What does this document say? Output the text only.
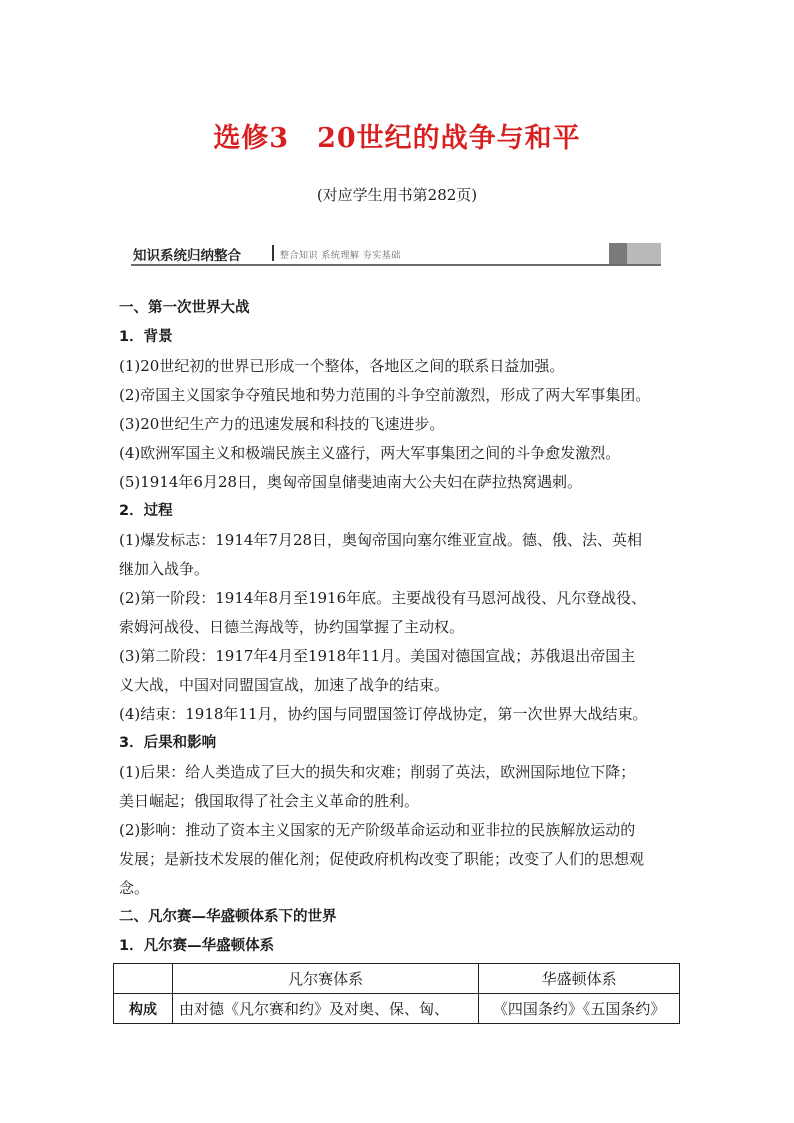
选修3　20世纪的战争与和平

(对应学生用书第282页)

知识系统归纳整合	整合知识 系统理解 夯实基础

一、第一次世界大战

1．背景

(1)20世纪初的世界已形成一个整体，各地区之间的联系日益加强。

(2)帝国主义国家争夺殖民地和势力范围的斗争空前激烈，形成了两大军事集团。

(3)20世纪生产力的迅速发展和科技的飞速进步。

(4)欧洲军国主义和极端民族主义盛行，两大军事集团之间的斗争愈发激烈。

(5)1914年6月28日，奥匈帝国皇储斐迪南大公夫妇在萨拉热窝遇刺。

2．过程

(1)爆发标志：1914年7月28日，奥匈帝国向塞尔维亚宣战。德、俄、法、英相

继加入战争。

(2)第一阶段：1914年8月至1916年底。主要战役有马恩河战役、凡尔登战役、

索姆河战役、日德兰海战等，协约国掌握了主动权。

(3)第二阶段：1917年4月至1918年11月。美国对德国宣战；苏俄退出帝国主

义大战，中国对同盟国宣战，加速了战争的结束。

(4)结束：1918年11月，协约国与同盟国签订停战协定，第一次世界大战结束。

3．后果和影响

(1)后果：给人类造成了巨大的损失和灾难；削弱了英法，欧洲国际地位下降；

美日崛起；俄国取得了社会主义革命的胜利。

(2)影响：推动了资本主义国家的无产阶级革命运动和亚非拉的民族解放运动的

发展；是新技术发展的催化剂；促使政府机构改变了职能；改变了人们的思想观

念。

二、凡尔赛—华盛顿体系下的世界

1．凡尔赛—华盛顿体系

	凡尔赛体系	华盛顿体系
构成	由对德《凡尔赛和约》及对奥、保、匈、	《四国条约》《五国条约》
